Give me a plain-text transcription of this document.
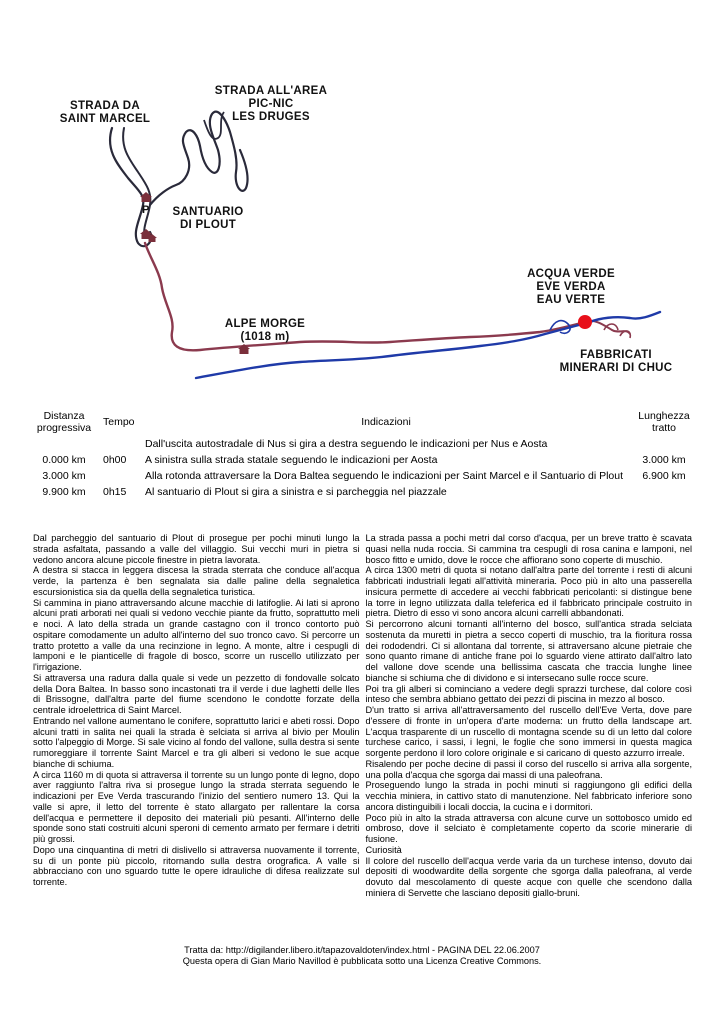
P
STRADA DA
SAINT MARCEL
STRADA ALL'AREA
PIC-NIC
LES DRUGES
SANTUARIO
DI PLOUT
ACQUA VERDE
EVE VERDA
EAU VERTE
ALPE MORGE
(1018 m)
FABBRICATI
MINERARI DI CHUC
Distanza
progressiva	Tempo	Indicazioni	Lunghezza
tratto
		Dall'uscita autostradale di Nus si gira a destra seguendo le indicazioni per Nus e Aosta	
0.000 km	0h00	A sinistra sulla strada statale seguendo le indicazioni per Aosta	3.000 km
3.000 km		Alla rotonda attraversare la Dora Baltea seguendo le indicazioni per Saint Marcel e il Santuario di Plout	6.900 km
9.900 km	0h15	Al santuario di Plout si gira a sinistra e si parcheggia nel piazzale	

Dal parcheggio del santuario di Plout di prosegue per pochi minuti lungo la strada asfaltata, passando a valle del villaggio. Sui vecchi muri in pietra si vedono ancora alcune piccole finestre in pietra lavorata.

A destra si stacca in leggera discesa la strada sterrata che conduce all'acqua verde, la partenza è ben segnalata sia dalle paline della segnaletica escursionistica sia da quella della segnaletica turistica.

Si cammina in piano attraversando alcune macchie di latifoglie. Ai lati si aprono alcuni prati arborati nei quali si vedono vecchie piante da frutto, soprattutto meli e noci. A lato della strada un grande castagno con il tronco contorto può ospitare comodamente un adulto all'interno del suo tronco cavo. Si percorre un tratto protetto a valle da una recinzione in legno. A monte, altre i cespugli di lamponi e le pianticelle di fragole di bosco, scorre un ruscello utilizzato per l'irrigazione.

Si attraversa una radura dalla quale si vede un pezzetto di fondovalle solcato della Dora Baltea. In basso sono incastonati tra il verde i due laghetti delle Iles di Brissogne, dall'altra parte del fiume scendono le condotte forzate della centrale idroelettrica di Saint Marcel.

Entrando nel vallone aumentano le conifere, soprattutto larici e abeti rossi. Dopo alcuni tratti in salita nei quali la strada è selciata si arriva al bivio per Moulin sotto l'alpeggio di Morge. Si sale vicino al fondo del vallone, sulla destra si sente rumoreggiare il torrente Saint Marcel e tra gli alberi si vedono le sue acque bianche di schiuma.

A circa 1160 m di quota si attraversa il torrente su un lungo ponte di legno, dopo aver raggiunto l'altra riva si prosegue lungo la strada sterrata seguendo le indicazioni per Eve Verda trascurando l'inizio del sentiero numero 13. Qui la valle si apre, il letto del torrente è stato allargato per rallentare la corsa dell'acqua e permettere il deposito dei materiali più pesanti. All'interno delle sponde sono stati costruiti alcuni speroni di cemento armato per fermare i detriti più grossi.

Dopo una cinquantina di metri di dislivello si attraversa nuovamente il torrente, su di un ponte più piccolo, ritornando sulla destra orografica. A valle si abbracciano con uno sguardo tutte le opere idrauliche di difesa realizzate sul torrente.

La strada passa a pochi metri dal corso d'acqua, per un breve tratto è scavata quasi nella nuda roccia. Si cammina tra cespugli di rosa canina e lamponi, nel bosco fitto e umido, dove le rocce che affiorano sono coperte di muschio.

A circa 1300 metri di quota si notano dall'altra parte del torrente i resti di alcuni fabbricati industriali legati all'attività mineraria. Poco più in alto una passerella insicura permette di accedere ai vecchi fabbricati pericolanti: si distingue bene la torre in legno utilizzata dalla teleferica ed il fabbricato principale costruito in pietra. Dietro di esso vi sono ancora alcuni carrelli abbandonati.

Si percorrono alcuni tornanti all'interno del bosco, sull'antica strada selciata sostenuta da muretti in pietra a secco coperti di muschio, tra la fioritura rossa dei rododendri. Ci si allontana dal torrente, si attraversano alcune pietraie che sono quanto rimane di antiche frane poi lo sguardo viene attirato dall'altro lato del vallone dove scende una bellissima cascata che traccia lunghe linee bianche si schiuma che di dividono e si intersecano sulle rocce scure.

Poi tra gli alberi si cominciano a vedere degli sprazzi turchese, dal colore così inteso che sembra abbiano gettato dei pezzi di piscina in mezzo al bosco.

D'un tratto si arriva all'attraversamento del ruscello dell'Eve Verta, dove pare d'essere di fronte in un'opera d'arte moderna: un frutto della landscape art. L'acqua trasparente di un ruscello di montagna scende su di un letto dal colore turchese carico, i sassi, i legni, le foglie che sono immersi in questa magica sorgente perdono il loro colore originale e si caricano di questo azzurro irreale.

Risalendo per poche decine di passi il corso del ruscello si arriva alla sorgente, una polla d'acqua che sgorga dai massi di una paleofrana.

Proseguendo lungo la strada in pochi minuti si raggiungono gli edifici della vecchia miniera, in cattivo stato di manutenzione. Nel fabbricato inferiore sono ancora distinguibili i locali doccia, la cucina e i dormitori.

Poco più in alto la strada attraversa con alcune curve un sottobosco umido ed ombroso, dove il selciato è completamente coperto da scorie minerarie di fusione.

Curiosità

Il colore del ruscello dell'acqua verde varia da un turchese intenso, dovuto dai depositi di woodwardite della sorgente che sgorga dalla paleofrana, al verde dovuto dal mescolamento di queste acque con quelle che scendono dalla miniera di Servette che lasciano depositi giallo-bruni.

Tratta da: http://digilander.libero.it/tapazovaldoten/index.html - PAGINA DEL 22.06.2007
Questa opera di Gian Mario Navillod è pubblicata sotto una Licenza Creative Commons.
